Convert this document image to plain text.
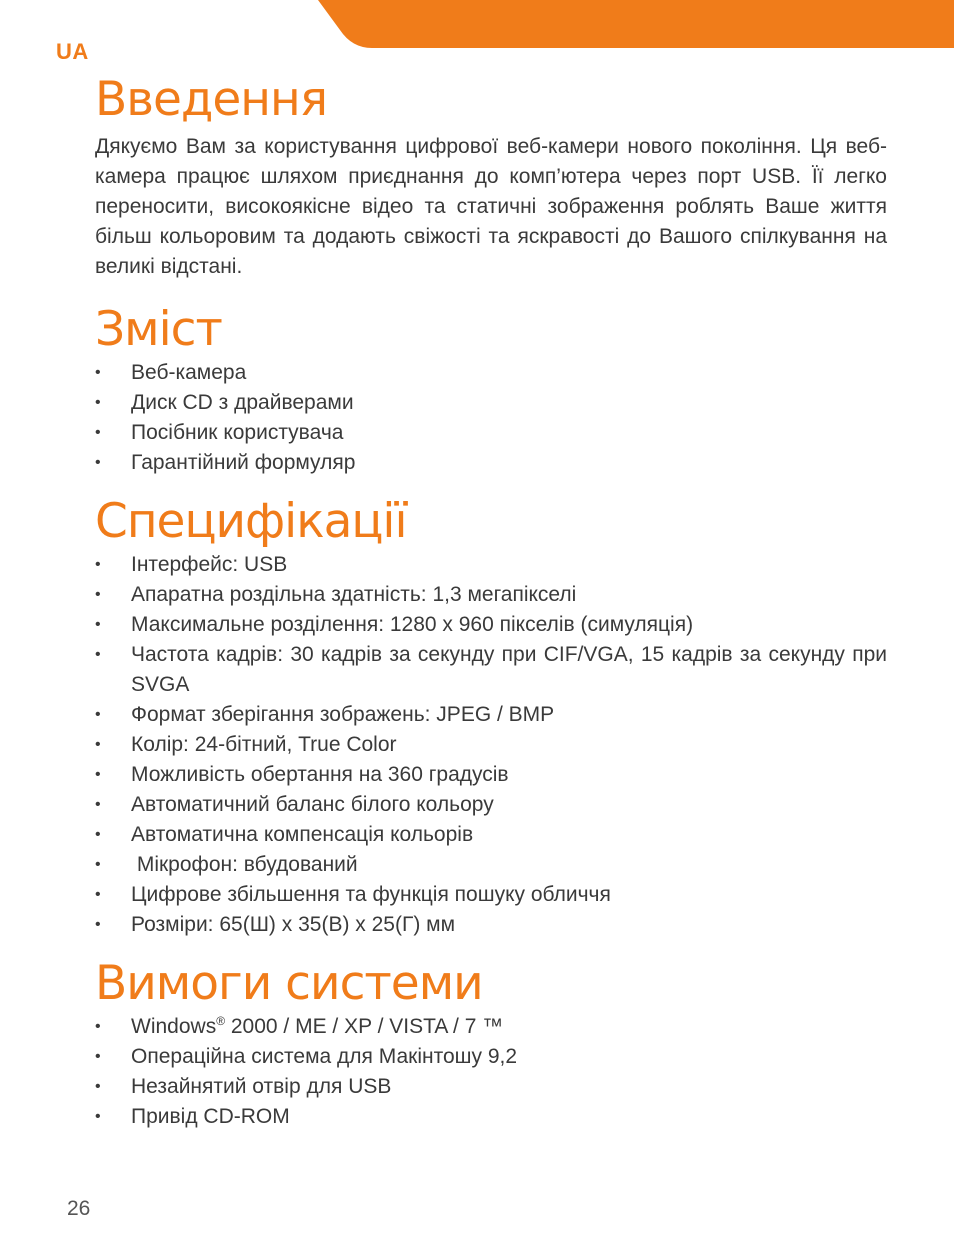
UA
Введення

Дякуємо Вам за користування цифрової веб-камери нового покоління. Ця веб-камера працює шляхом приєднання до комп’ютера через порт USB. Її легко переносити, високоякісне відео та статичні зображення роблять Ваше життя більш кольоровим та додають свіжості та яскравості до Вашого спілкування на великі відстані.

Зміст
• Веб-камера
• Диск CD з драйверами
• Посібник користувача
• Гарантійний формуляр
Специфікації
• Інтерфейс: USB
• Апаратна роздільна здатність: 1,3 мегапікселі
• Максимальне розділення: 1280 x 960 пікселів (симуляція)
• Частота кадрів: 30 кадрів за секунду при CIF/VGA, 15 кадрів за секунду при SVGA
• Формат зберігання зображень: JPEG / BMP
• Колір: 24-бітний, True Color
• Можливість обертання на 360 градусів
• Автоматичний баланс білого кольору
• Автоматична компенсація кольорів
• Мікрофон: вбудований
• Цифрове збільшення та функція пошуку обличчя
• Розміри: 65(Ш) x 35(В) x 25(Г) мм
Вимоги системи
• Windows® 2000 / ME / XP / VISTA / 7 ™
• Операційна система для Макінтошу 9,2
• Незайнятий отвір для USB
• Привід CD-ROM
26
